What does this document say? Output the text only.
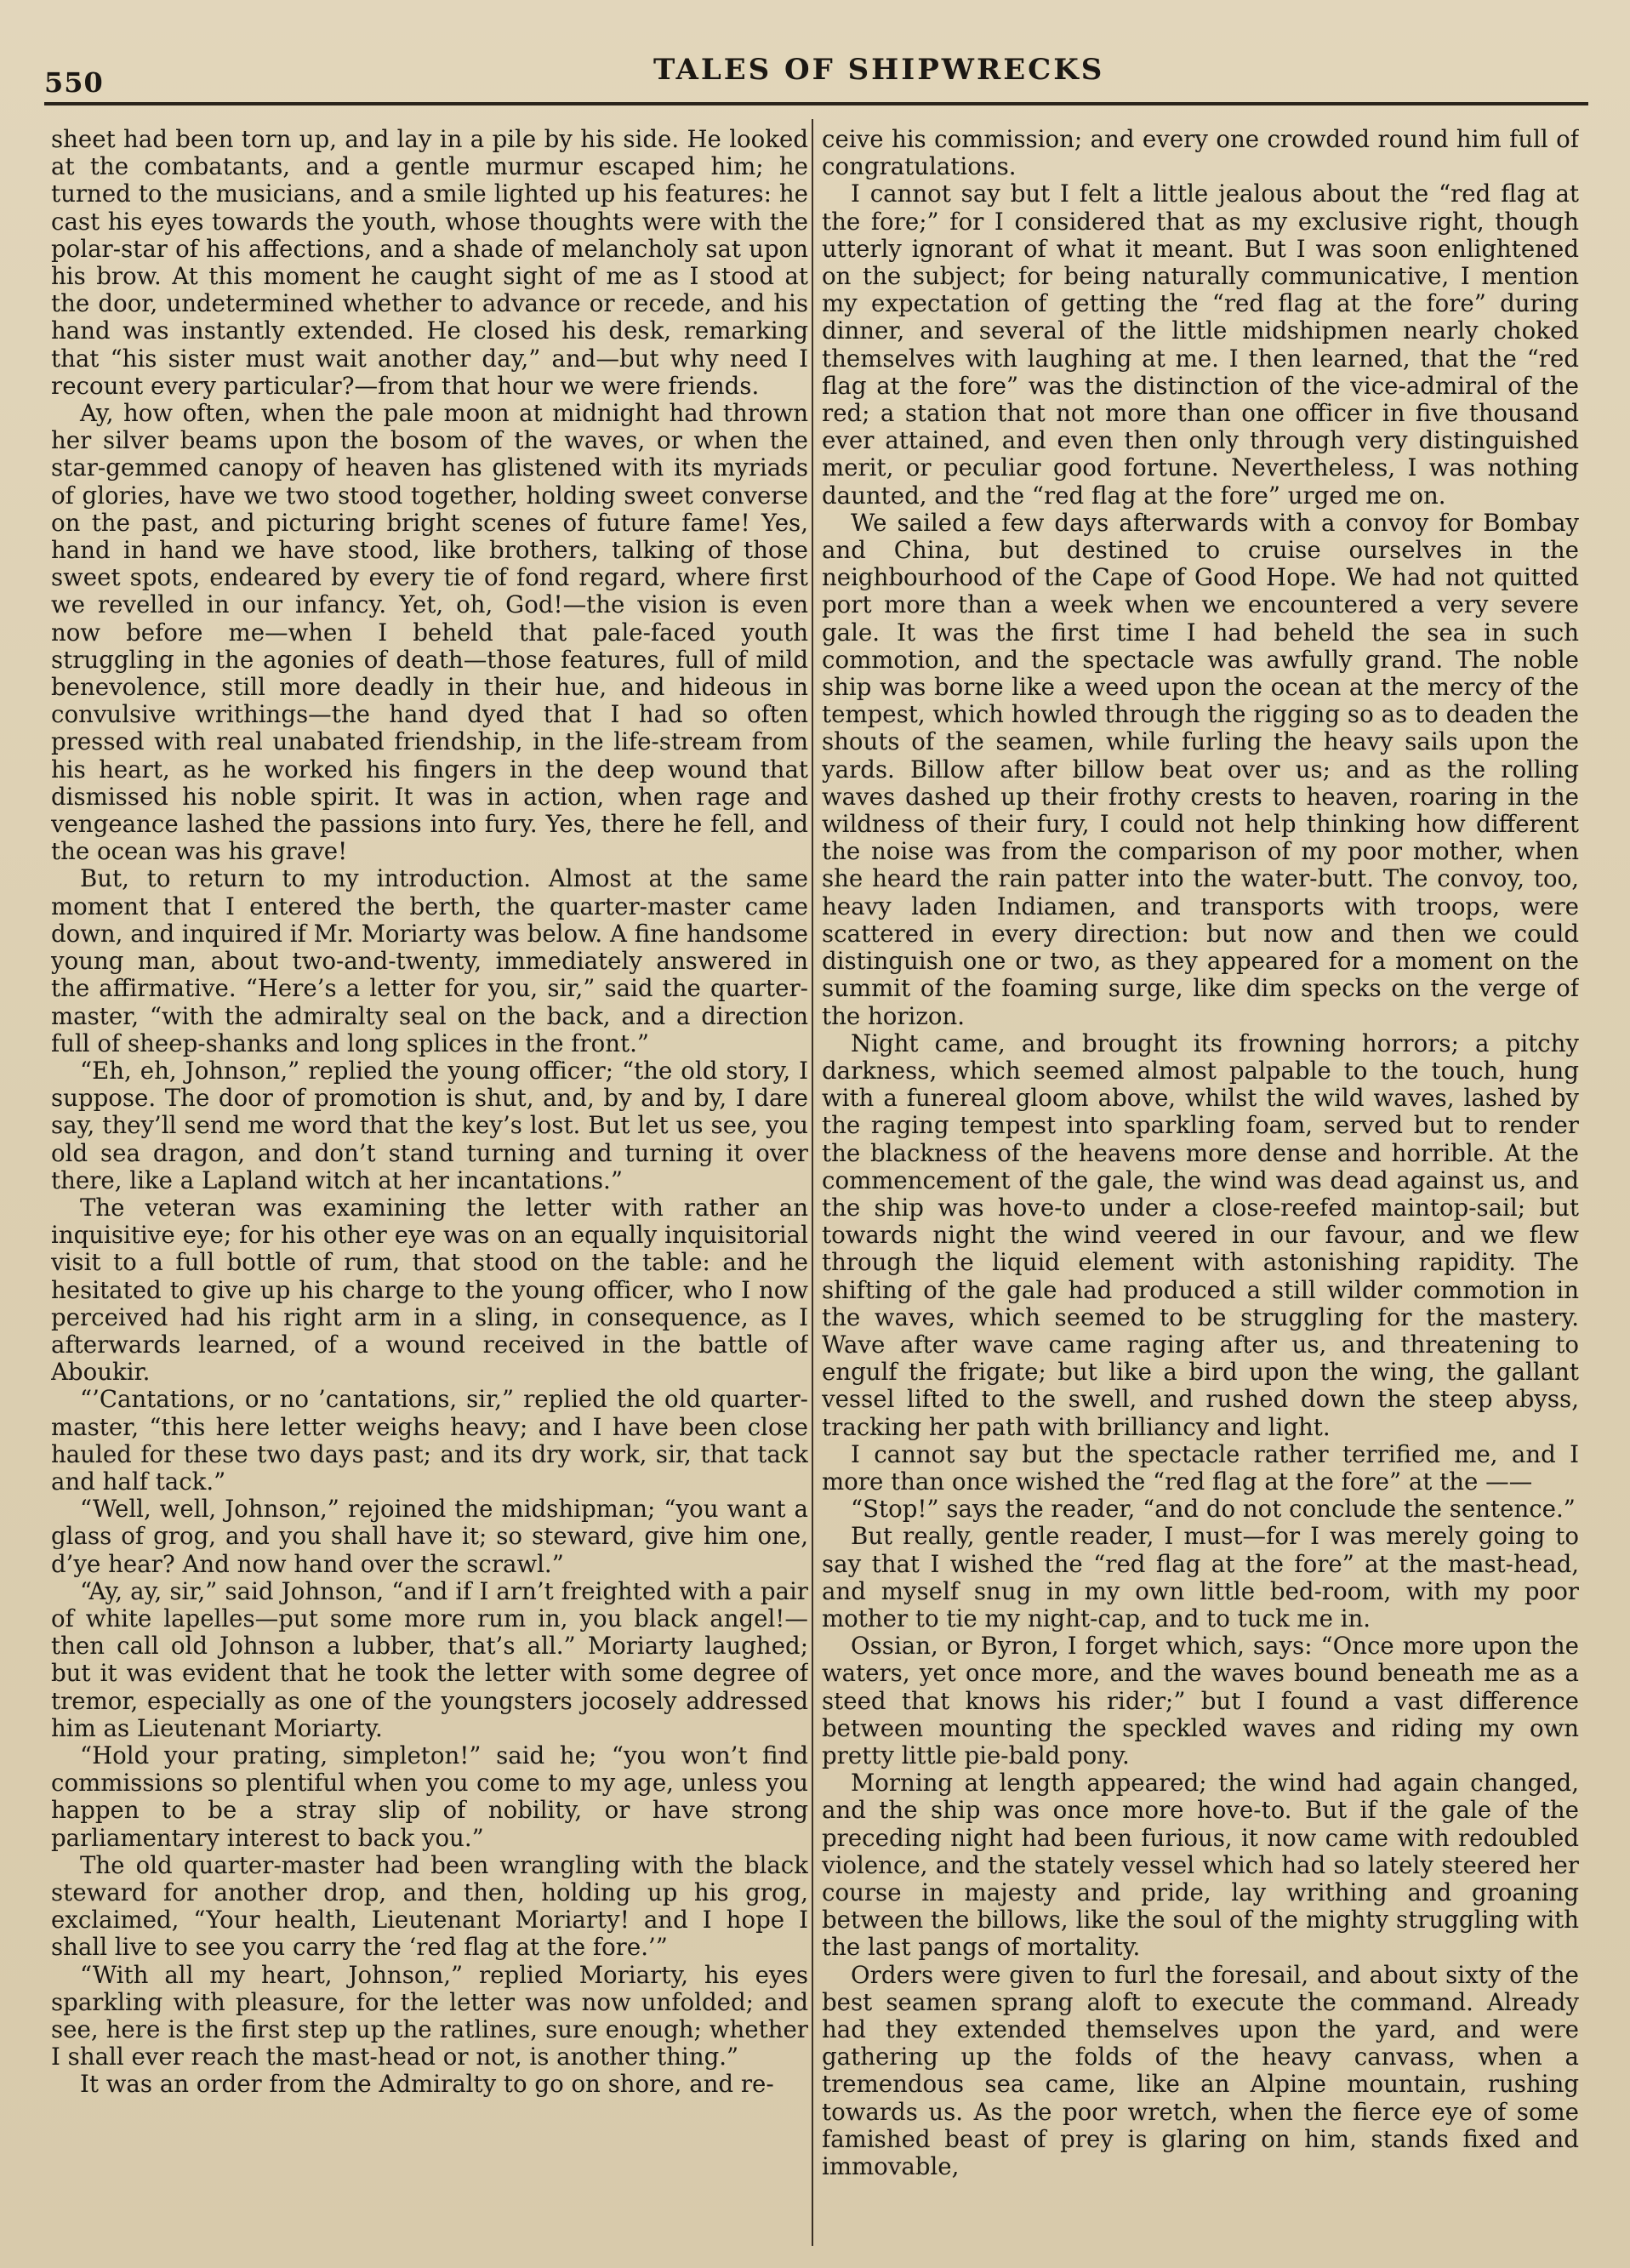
550	TALES OF SHIPWRECKS

sheet had been torn up, and lay in a pile by his side. He looked at the combatants, and a gentle murmur escaped him; he turned to the musicians, and a smile lighted up his features: he cast his eyes towards the youth, whose thoughts were with the polar-star of his affections, and a shade of melancholy sat upon his brow. At this moment he caught sight of me as I stood at the door, undetermined whether to advance or recede, and his hand was instantly extended. He closed his desk, remarking that “his sister must wait another day,” and—but why need I recount every particular?—from that hour we were friends.

Ay, how often, when the pale moon at midnight had thrown her silver beams upon the bosom of the waves, or when the star-gemmed canopy of heaven has glistened with its myriads of glories, have we two stood together, holding sweet converse on the past, and picturing bright scenes of future fame! Yes, hand in hand we have stood, like brothers, talking of those sweet spots, endeared by every tie of fond regard, where first we revelled in our infancy. Yet, oh, God!—the vision is even now before me—when I beheld that pale-faced youth struggling in the agonies of death—those features, full of mild benevolence, still more deadly in their hue, and hideous in convulsive writhings—the hand dyed that I had so often pressed with real unabated friendship, in the life-stream from his heart, as he worked his fingers in the deep wound that dismissed his noble spirit. It was in action, when rage and vengeance lashed the passions into fury. Yes, there he fell, and the ocean was his grave!

But, to return to my introduction. Almost at the same moment that I entered the berth, the quarter-master came down, and inquired if Mr. Moriarty was below. A fine handsome young man, about two-and-twenty, immediately answered in the affirmative. “Here’s a letter for you, sir,” said the quarter-master, “with the admiralty seal on the back, and a direction full of sheep-shanks and long splices in the front.”

“Eh, eh, Johnson,” replied the young officer; “the old story, I suppose. The door of promotion is shut, and, by and by, I dare say, they’ll send me word that the key’s lost. But let us see, you old sea dragon, and don’t stand turning and turning it over there, like a Lapland witch at her incantations.”

The veteran was examining the letter with rather an inquisitive eye; for his other eye was on an equally inquisitorial visit to a full bottle of rum, that stood on the table: and he hesitated to give up his charge to the young officer, who I now perceived had his right arm in a sling, in consequence, as I afterwards learned, of a wound received in the battle of Aboukir.

“’Cantations, or no ’cantations, sir,” replied the old quarter-master, “this here letter weighs heavy; and I have been close hauled for these two days past; and its dry work, sir, that tack and half tack.”

“Well, well, Johnson,” rejoined the midshipman; “you want a glass of grog, and you shall have it; so steward, give him one, d’ye hear? And now hand over the scrawl.”

“Ay, ay, sir,” said Johnson, “and if I arn’t freighted with a pair of white lapelles—put some more rum in, you black angel!—then call old Johnson a lubber, that’s all.” Moriarty laughed; but it was evident that he took the letter with some degree of tremor, especially as one of the youngsters jocosely addressed him as Lieutenant Moriarty.

“Hold your prating, simpleton!” said he; “you won’t find commissions so plentiful when you come to my age, unless you happen to be a stray slip of nobility, or have strong parliamentary interest to back you.”

The old quarter-master had been wrangling with the black steward for another drop, and then, holding up his grog, exclaimed, “Your health, Lieutenant Moriarty! and I hope I shall live to see you carry the ‘red flag at the fore.’”

“With all my heart, Johnson,” replied Moriarty, his eyes sparkling with pleasure, for the letter was now unfolded; and see, here is the first step up the ratlines, sure enough; whether I shall ever reach the mast-head or not, is another thing.”

It was an order from the Admiralty to go on shore, and re-

ceive his commission; and every one crowded round him full of congratulations.

I cannot say but I felt a little jealous about the “red flag at the fore;” for I considered that as my exclusive right, though utterly ignorant of what it meant. But I was soon enlightened on the subject; for being naturally communicative, I mention my expectation of getting the “red flag at the fore” during dinner, and several of the little midshipmen nearly choked themselves with laughing at me. I then learned, that the “red flag at the fore” was the distinction of the vice-admiral of the red; a station that not more than one officer in five thousand ever attained, and even then only through very distinguished merit, or peculiar good fortune. Nevertheless, I was nothing daunted, and the “red flag at the fore” urged me on.

We sailed a few days afterwards with a convoy for Bombay and China, but destined to cruise ourselves in the neighbourhood of the Cape of Good Hope. We had not quitted port more than a week when we encountered a very severe gale. It was the first time I had beheld the sea in such commotion, and the spectacle was awfully grand. The noble ship was borne like a weed upon the ocean at the mercy of the tempest, which howled through the rigging so as to deaden the shouts of the seamen, while furling the heavy sails upon the yards. Billow after billow beat over us; and as the rolling waves dashed up their frothy crests to heaven, roaring in the wildness of their fury, I could not help thinking how different the noise was from the comparison of my poor mother, when she heard the rain patter into the water-butt. The convoy, too, heavy laden Indiamen, and transports with troops, were scattered in every direction: but now and then we could distinguish one or two, as they appeared for a moment on the summit of the foaming surge, like dim specks on the verge of the horizon.

Night came, and brought its frowning horrors; a pitchy darkness, which seemed almost palpable to the touch, hung with a funereal gloom above, whilst the wild waves, lashed by the raging tempest into sparkling foam, served but to render the blackness of the heavens more dense and horrible. At the commencement of the gale, the wind was dead against us, and the ship was hove-to under a close-reefed maintop-sail; but towards night the wind veered in our favour, and we flew through the liquid element with astonishing rapidity. The shifting of the gale had produced a still wilder commotion in the waves, which seemed to be struggling for the mastery. Wave after wave came raging after us, and threatening to engulf the frigate; but like a bird upon the wing, the gallant vessel lifted to the swell, and rushed down the steep abyss, tracking her path with brilliancy and light.

I cannot say but the spectacle rather terrified me, and I more than once wished the “red flag at the fore” at the ——

“Stop!” says the reader, “and do not conclude the sentence.”

But really, gentle reader, I must—for I was merely going to say that I wished the “red flag at the fore” at the mast-head, and myself snug in my own little bed-room, with my poor mother to tie my night-cap, and to tuck me in.

Ossian, or Byron, I forget which, says: “Once more upon the waters, yet once more, and the waves bound beneath me as a steed that knows his rider;” but I found a vast difference between mounting the speckled waves and riding my own pretty little pie-bald pony.

Morning at length appeared; the wind had again changed, and the ship was once more hove-to. But if the gale of the preceding night had been furious, it now came with redoubled violence, and the stately vessel which had so lately steered her course in majesty and pride, lay writhing and groaning between the billows, like the soul of the mighty struggling with the last pangs of mortality.

Orders were given to furl the foresail, and about sixty of the best seamen sprang aloft to execute the command. Already had they extended themselves upon the yard, and were gathering up the folds of the heavy canvass, when a tremendous sea came, like an Alpine mountain, rushing towards us. As the poor wretch, when the fierce eye of some famished beast of prey is glaring on him, stands fixed and immovable,
